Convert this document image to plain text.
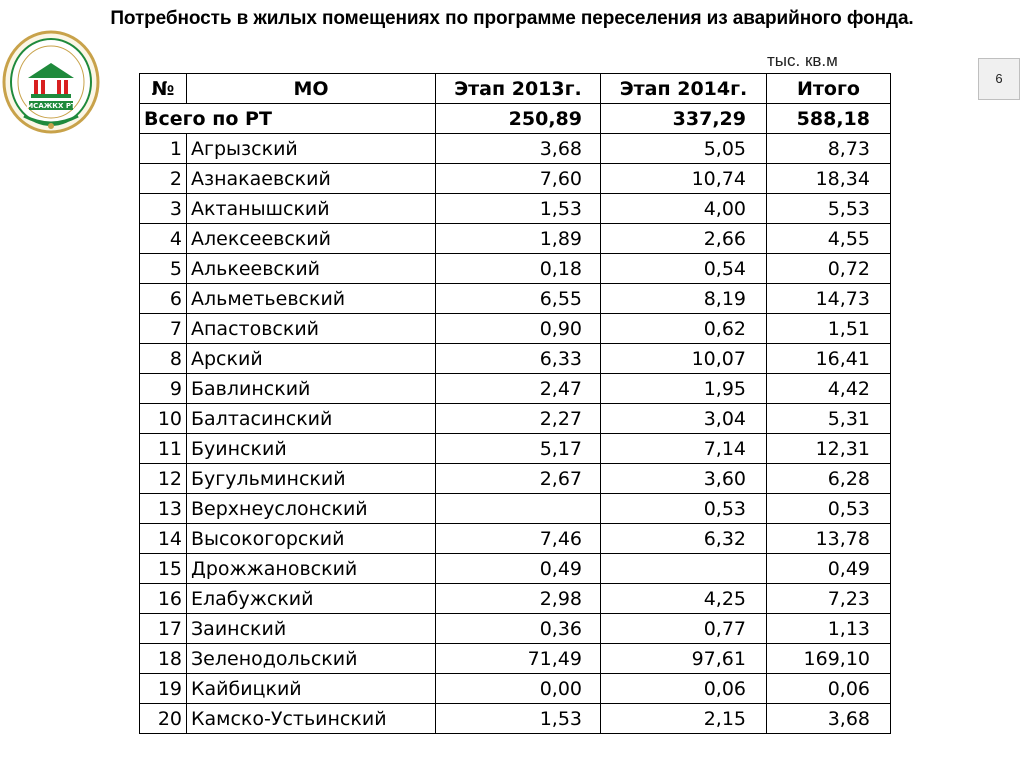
Потребность в жилых помещениях по программе переселения из аварийного фонда.
МСАЖКХ РТ
тыс. кв.м
6
№	МО	Этап 2013г.	Этап 2014г.	Итого
Всего по РТ		250,89	337,29	588,18
1	Агрызский	3,68	5,05	8,73
2	Азнакаевский	7,60	10,74	18,34
3	Актанышский	1,53	4,00	5,53
4	Алексеевский	1,89	2,66	4,55
5	Алькеевский	0,18	0,54	0,72
6	Альметьевский	6,55	8,19	14,73
7	Апастовский	0,90	0,62	1,51
8	Арский	6,33	10,07	16,41
9	Бавлинский	2,47	1,95	4,42
10	Балтасинский	2,27	3,04	5,31
11	Буинский	5,17	7,14	12,31
12	Бугульминский	2,67	3,60	6,28
13	Верхнеуслонский		0,53	0,53
14	Высокогорский	7,46	6,32	13,78
15	Дрожжановский	0,49		0,49
16	Елабужский	2,98	4,25	7,23
17	Заинский	0,36	0,77	1,13
18	Зеленодольский	71,49	97,61	169,10
19	Кайбицкий	0,00	0,06	0,06
20	Камско-Устьинский	1,53	2,15	3,68
